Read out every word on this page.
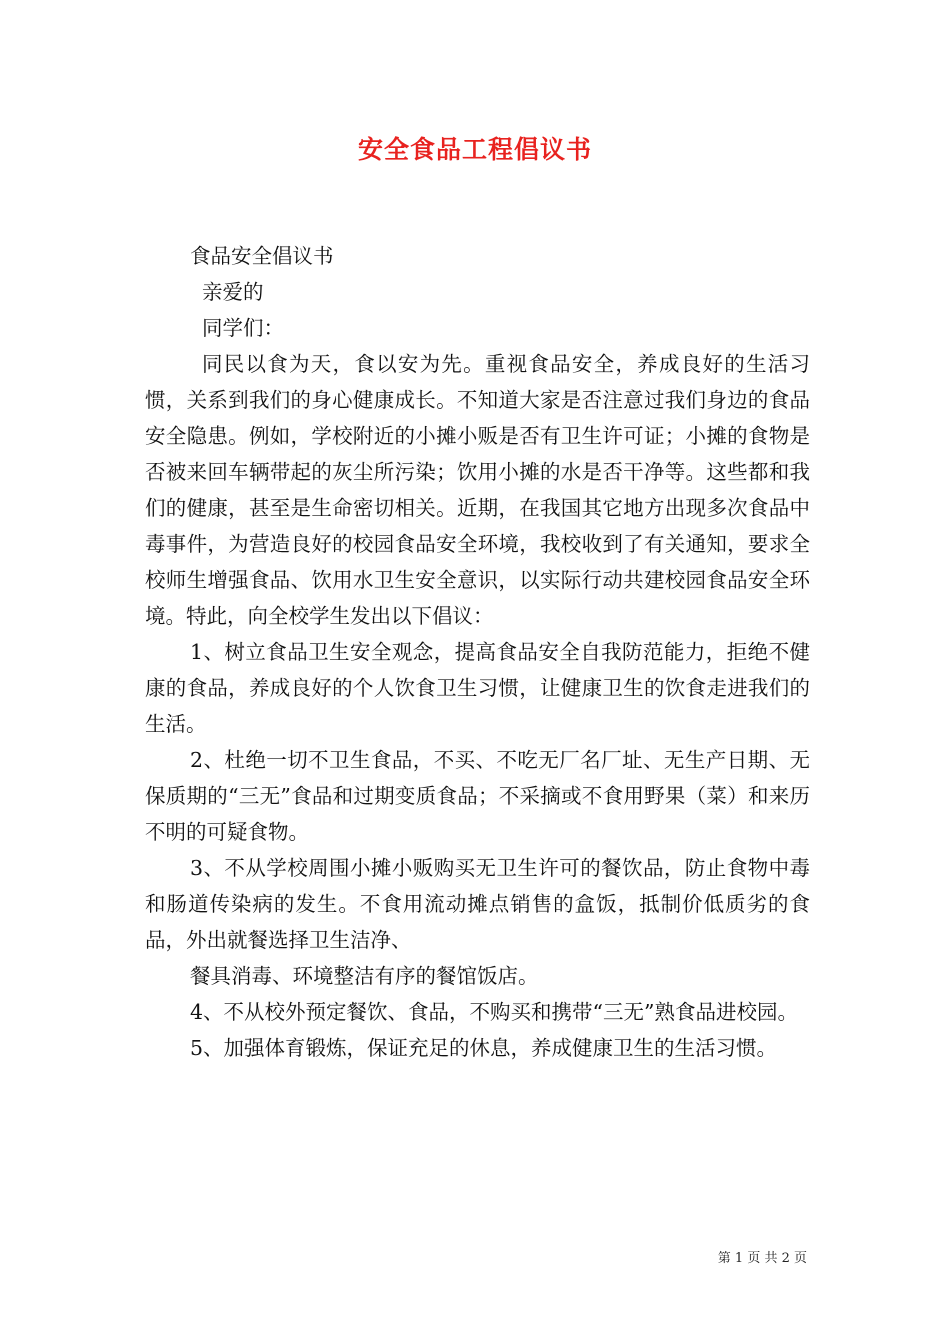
安全食品工程倡议书

食品安全倡议书

亲爱的

同学们：

同民以食为天，食以安为先。重视食品安全，养成良好的生活习惯，关系到我们的身心健康成长。不知道大家是否注意过我们身边的食品安全隐患。例如，学校附近的小摊小贩是否有卫生许可证；小摊的食物是否被来回车辆带起的灰尘所污染；饮用小摊的水是否干净等。这些都和我们的健康，甚至是生命密切相关。近期，在我国其它地方出现多次食品中毒事件，为营造良好的校园食品安全环境，我校收到了有关通知，要求全校师生增强食品、饮用水卫生安全意识，以实际行动共建校园食品安全环境。特此，向全校学生发出以下倡议：

1、树立食品卫生安全观念，提高食品安全自我防范能力，拒绝不健康的食品，养成良好的个人饮食卫生习惯，让健康卫生的饮食走进我们的生活。

2、杜绝一切不卫生食品，不买、不吃无厂名厂址、无生产日期、无保质期的“三无”食品和过期变质食品；不采摘或不食用野果（菜）和来历不明的可疑食物。

3、不从学校周围小摊小贩购买无卫生许可的餐饮品，防止食物中毒和肠道传染病的发生。不食用流动摊点销售的盒饭，抵制价低质劣的食品，外出就餐选择卫生洁净、

餐具消毒、环境整洁有序的餐馆饭店。

4、不从校外预定餐饮、食品，不购买和携带“三无”熟食品进校园。

5、加强体育锻炼，保证充足的休息，养成健康卫生的生活习惯。

第 1 页 共 2 页
